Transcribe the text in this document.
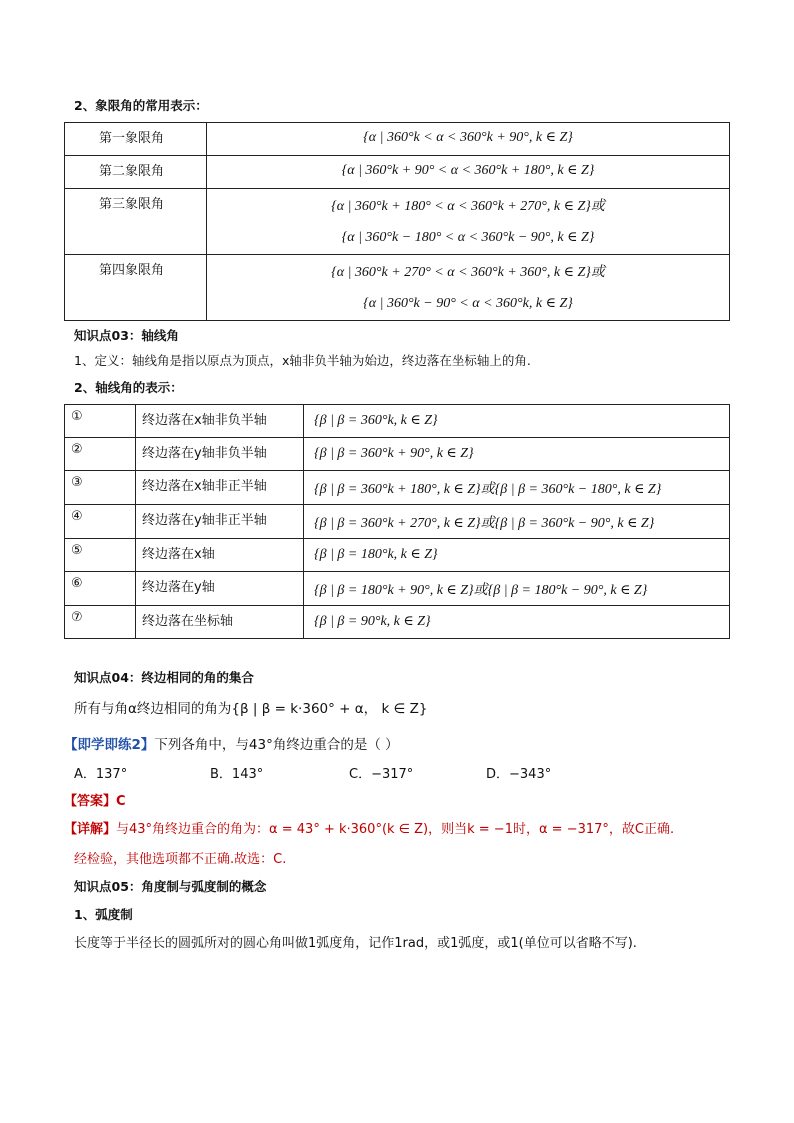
2、象限角的常用表示：
第一象限角	{α | 360°k < α < 360°k + 90°, k ∈ Z}

第二象限角	{α | 360°k + 90° < α < 360°k + 180°, k ∈ Z}

第三象限角	{α | 360°k + 180° < α < 360°k + 270°, k ∈ Z}或
{α | 360°k − 180° < α < 360°k − 90°, k ∈ Z}

第四象限角	{α | 360°k + 270° < α < 360°k + 360°, k ∈ Z}或
{α | 360°k − 90° < α < 360°k, k ∈ Z}
知识点03：轴线角
1、定义：轴线角是指以原点为顶点，x轴非负半轴为始边，终边落在坐标轴上的角.
2、轴线角的表示：
①	终边落在x轴非负半轴	{β | β = 360°k, k ∈ Z}

②	终边落在y轴非负半轴	{β | β = 360°k + 90°, k ∈ Z}

③	终边落在x轴非正半轴	{β | β = 360°k + 180°, k ∈ Z}或{β | β = 360°k − 180°, k ∈ Z}

④	终边落在y轴非正半轴	{β | β = 360°k + 270°, k ∈ Z}或{β | β = 360°k − 90°, k ∈ Z}

⑤	终边落在x轴	{β | β = 180°k, k ∈ Z}

⑥	终边落在y轴	{β | β = 180°k + 90°, k ∈ Z}或{β | β = 180°k − 90°, k ∈ Z}

⑦	终边落在坐标轴	{β | β = 90°k, k ∈ Z}
知识点04：终边相同的角的集合
所有与角α终边相同的角为{β | β = k⋅360° + α， k ∈ Z}
【即学即练2】下列各角中，与43°角终边重合的是（ ）
A．137°	B．143°	C．−317°	D．−343°
【答案】C
【详解】与43°角终边重合的角为：α = 43° + k⋅360°(k ∈ Z)，则当k = −1时，α = −317°，故C正确.
经检验，其他选项都不正确.故选：C.
知识点05：角度制与弧度制的概念
1、弧度制
长度等于半径长的圆弧所对的圆心角叫做1弧度角，记作1rad，或1弧度，或1(单位可以省略不写).
